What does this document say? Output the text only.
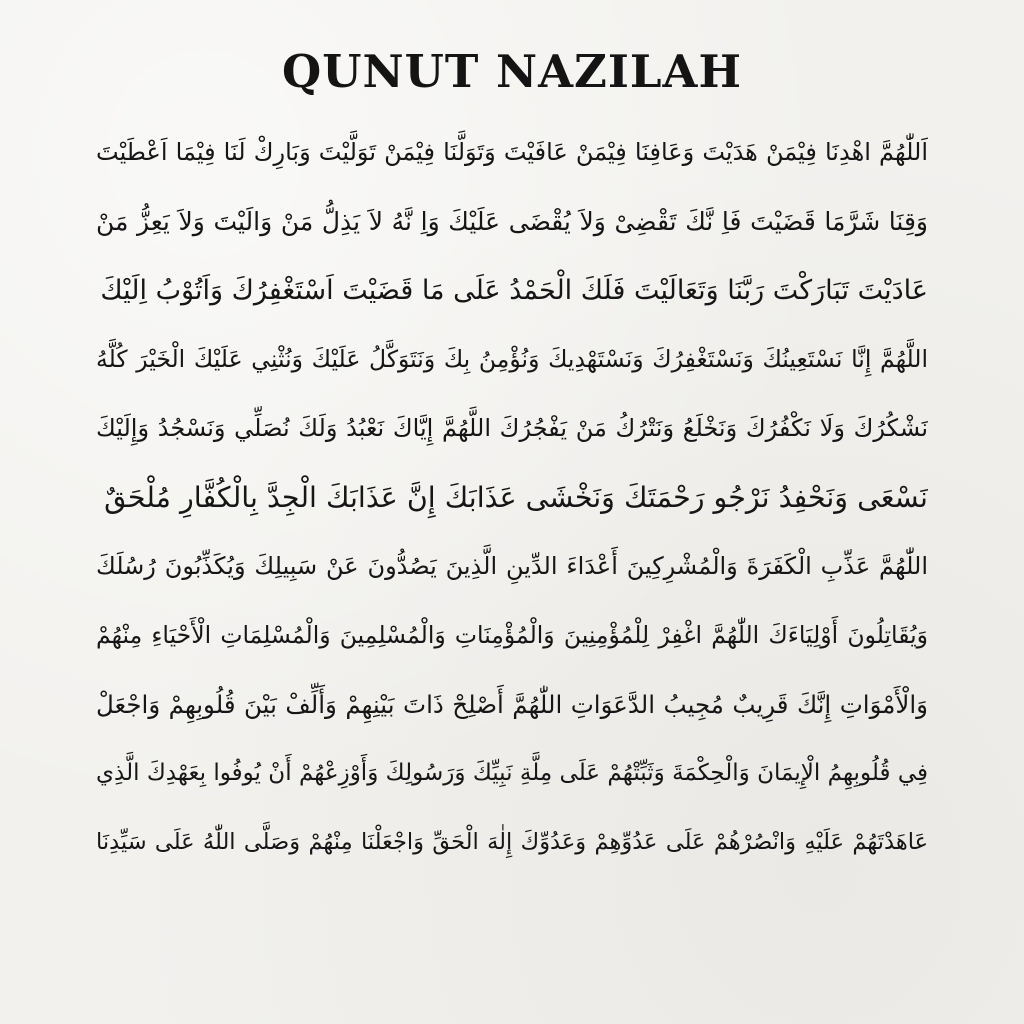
QUNUT NAZILAH
اَللّٰهُمَّ اهْدِنَا فِيْمَنْ هَدَيْتَ وَعَافِنَا فِيْمَنْ عَافَيْتَ وَتَوَلَّنَا فِيْمَنْ تَوَلَّيْتَ وَبَارِكْ لَنَا فِيْمَا اَعْطَيْتَ
وَقِنَا شَرَّمَا قَضَيْتَ فَاِ نَّكَ تَقْضِىْ وَلاَ يُقْضَى عَلَيْكَ وَاِ نَّهُ لاَ يَذِلُّ مَنْ وَالَيْتَ وَلاَ يَعِزُّ مَنْ
عَادَيْتَ تَبَارَكْتَ رَبَّنَا وَتَعَالَيْتَ فَلَكَ الْحَمْدُ عَلَى مَا قَضَيْتَ اَسْتَغْفِرُكَ وَاَتُوْبُ اِلَيْكَ
اللَّهُمَّ إِنَّا نَسْتَعِينُكَ وَنَسْتَغْفِرُكَ وَنَسْتَهْدِيكَ وَنُؤْمِنُ بِكَ وَنَتَوَكَّلُ عَلَيْكَ وَنُثْنِي عَلَيْكَ الْخَيْرَ كُلَّهُ
نَشْكُرُكَ وَلَا نَكْفُرُكَ وَنَخْلَعُ وَنَتْرُكُ مَنْ يَفْجُرُكَ اللَّهُمَّ إِيَّاكَ نَعْبُدُ وَلَكَ نُصَلِّي وَنَسْجُدُ وَإِلَيْكَ
نَسْعَى وَنَحْفِدُ نَرْجُو رَحْمَتَكَ وَنَخْشَى عَذَابَكَ إِنَّ عَذَابَكَ الْجِدَّ بِالْكُفَّارِ مُلْحَقٌ
اللّٰهُمَّ عَذِّبِ الْكَفَرَةَ وَالْمُشْرِكِينَ أَعْدَاءَ الدِّينِ الَّذِينَ يَصُدُّونَ عَنْ سَبِيلِكَ وَيُكَذِّبُونَ رُسُلَكَ
وَيُقَاتِلُونَ أَوْلِيَاءَكَ اللّٰهُمَّ اغْفِرْ لِلْمُؤْمِنِينَ وَالْمُؤْمِنَاتِ وَالْمُسْلِمِينَ وَالْمُسْلِمَاتِ الْأَحْيَاءِ مِنْهُمْ
وَالْأَمْوَاتِ إِنَّكَ قَرِيبٌ مُجِيبُ الدَّعَوَاتِ اللّٰهُمَّ أَصْلِحْ ذَاتَ بَيْنِهِمْ وَأَلِّفْ بَيْنَ قُلُوبِهِمْ وَاجْعَلْ
فِي قُلُوبِهِمُ الْإِيمَانَ وَالْحِكْمَةَ وَثَبِّتْهُمْ عَلَى مِلَّةِ نَبِيِّكَ وَرَسُولِكَ وَأَوْزِعْهُمْ أَنْ يُوفُوا بِعَهْدِكَ الَّذِي
عَاهَدْتَهُمْ عَلَيْهِ وَانْصُرْهُمْ عَلَى عَدُوِّهِمْ وَعَدُوِّكَ إِلٰهَ الْحَقِّ وَاجْعَلْنَا مِنْهُمْ وَصَلَّى اللّٰهُ عَلَى سَيِّدِنَا
